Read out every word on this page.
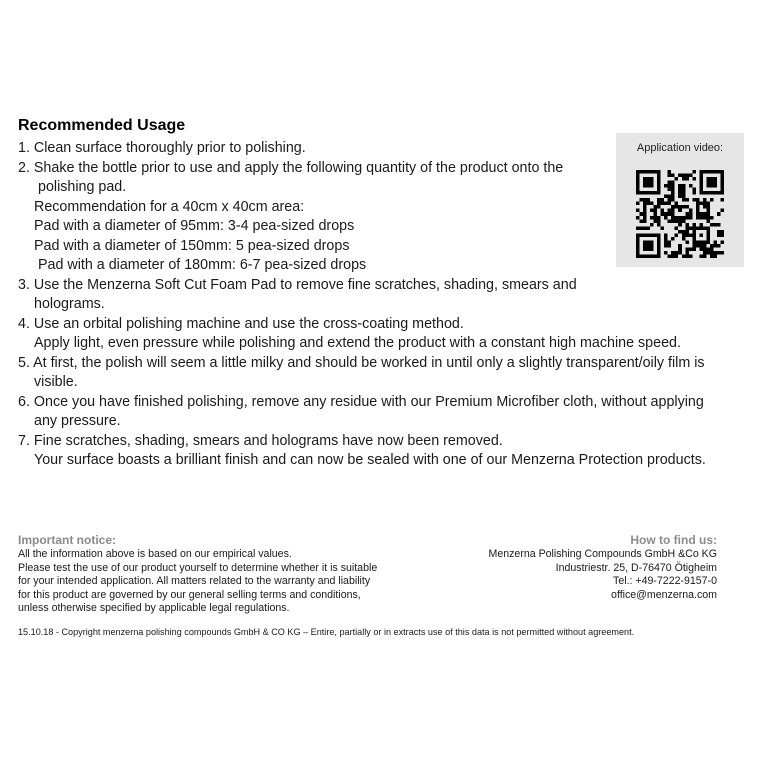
Recommended Usage
1. Clean surface thoroughly prior to polishing.
2. Shake the bottle prior to use and apply the following quantity of the product onto the
polishing pad.
Recommendation for a 40cm x 40cm area:
Pad with a diameter of 95mm: 3-4 pea-sized drops
Pad with a diameter of 150mm: 5 pea-sized drops
Pad with a diameter of 180mm: 6-7 pea-sized drops
3. Use the Menzerna Soft Cut Foam Pad to remove fine scratches, shading, smears and
holograms.
4. Use an orbital polishing machine and use the cross-coating method.
Apply light, even pressure while polishing and extend the product with a constant high machine speed.
5. At first, the polish will seem a little milky and should be worked in until only a slightly transparent/oily film is
visible.
6. Once you have finished polishing, remove any residue with our Premium Microfiber cloth, without applying
any pressure.
7. Fine scratches, shading, smears and holograms have now been removed.
Your surface boasts a brilliant finish and can now be sealed with one of our Menzerna Protection products.
Application video:
Important notice:
All the information above is based on our empirical values.
Please test the use of our product yourself to determine whether it is suitable
for your intended application. All matters related to the warranty and liability
for this product are governed by our general selling terms and conditions,
unless otherwise specified by applicable legal regulations.
How to find us:
Menzerna Polishing Compounds GmbH &Co KG
Industriestr. 25, D-76470 Ötigheim
Tel.: +49-7222-9157-0
office@menzerna.com
15.10.18 - Copyright menzerna polishing compounds GmbH & CO KG – Entire, partially or in extracts use of this data is not permitted without agreement.
